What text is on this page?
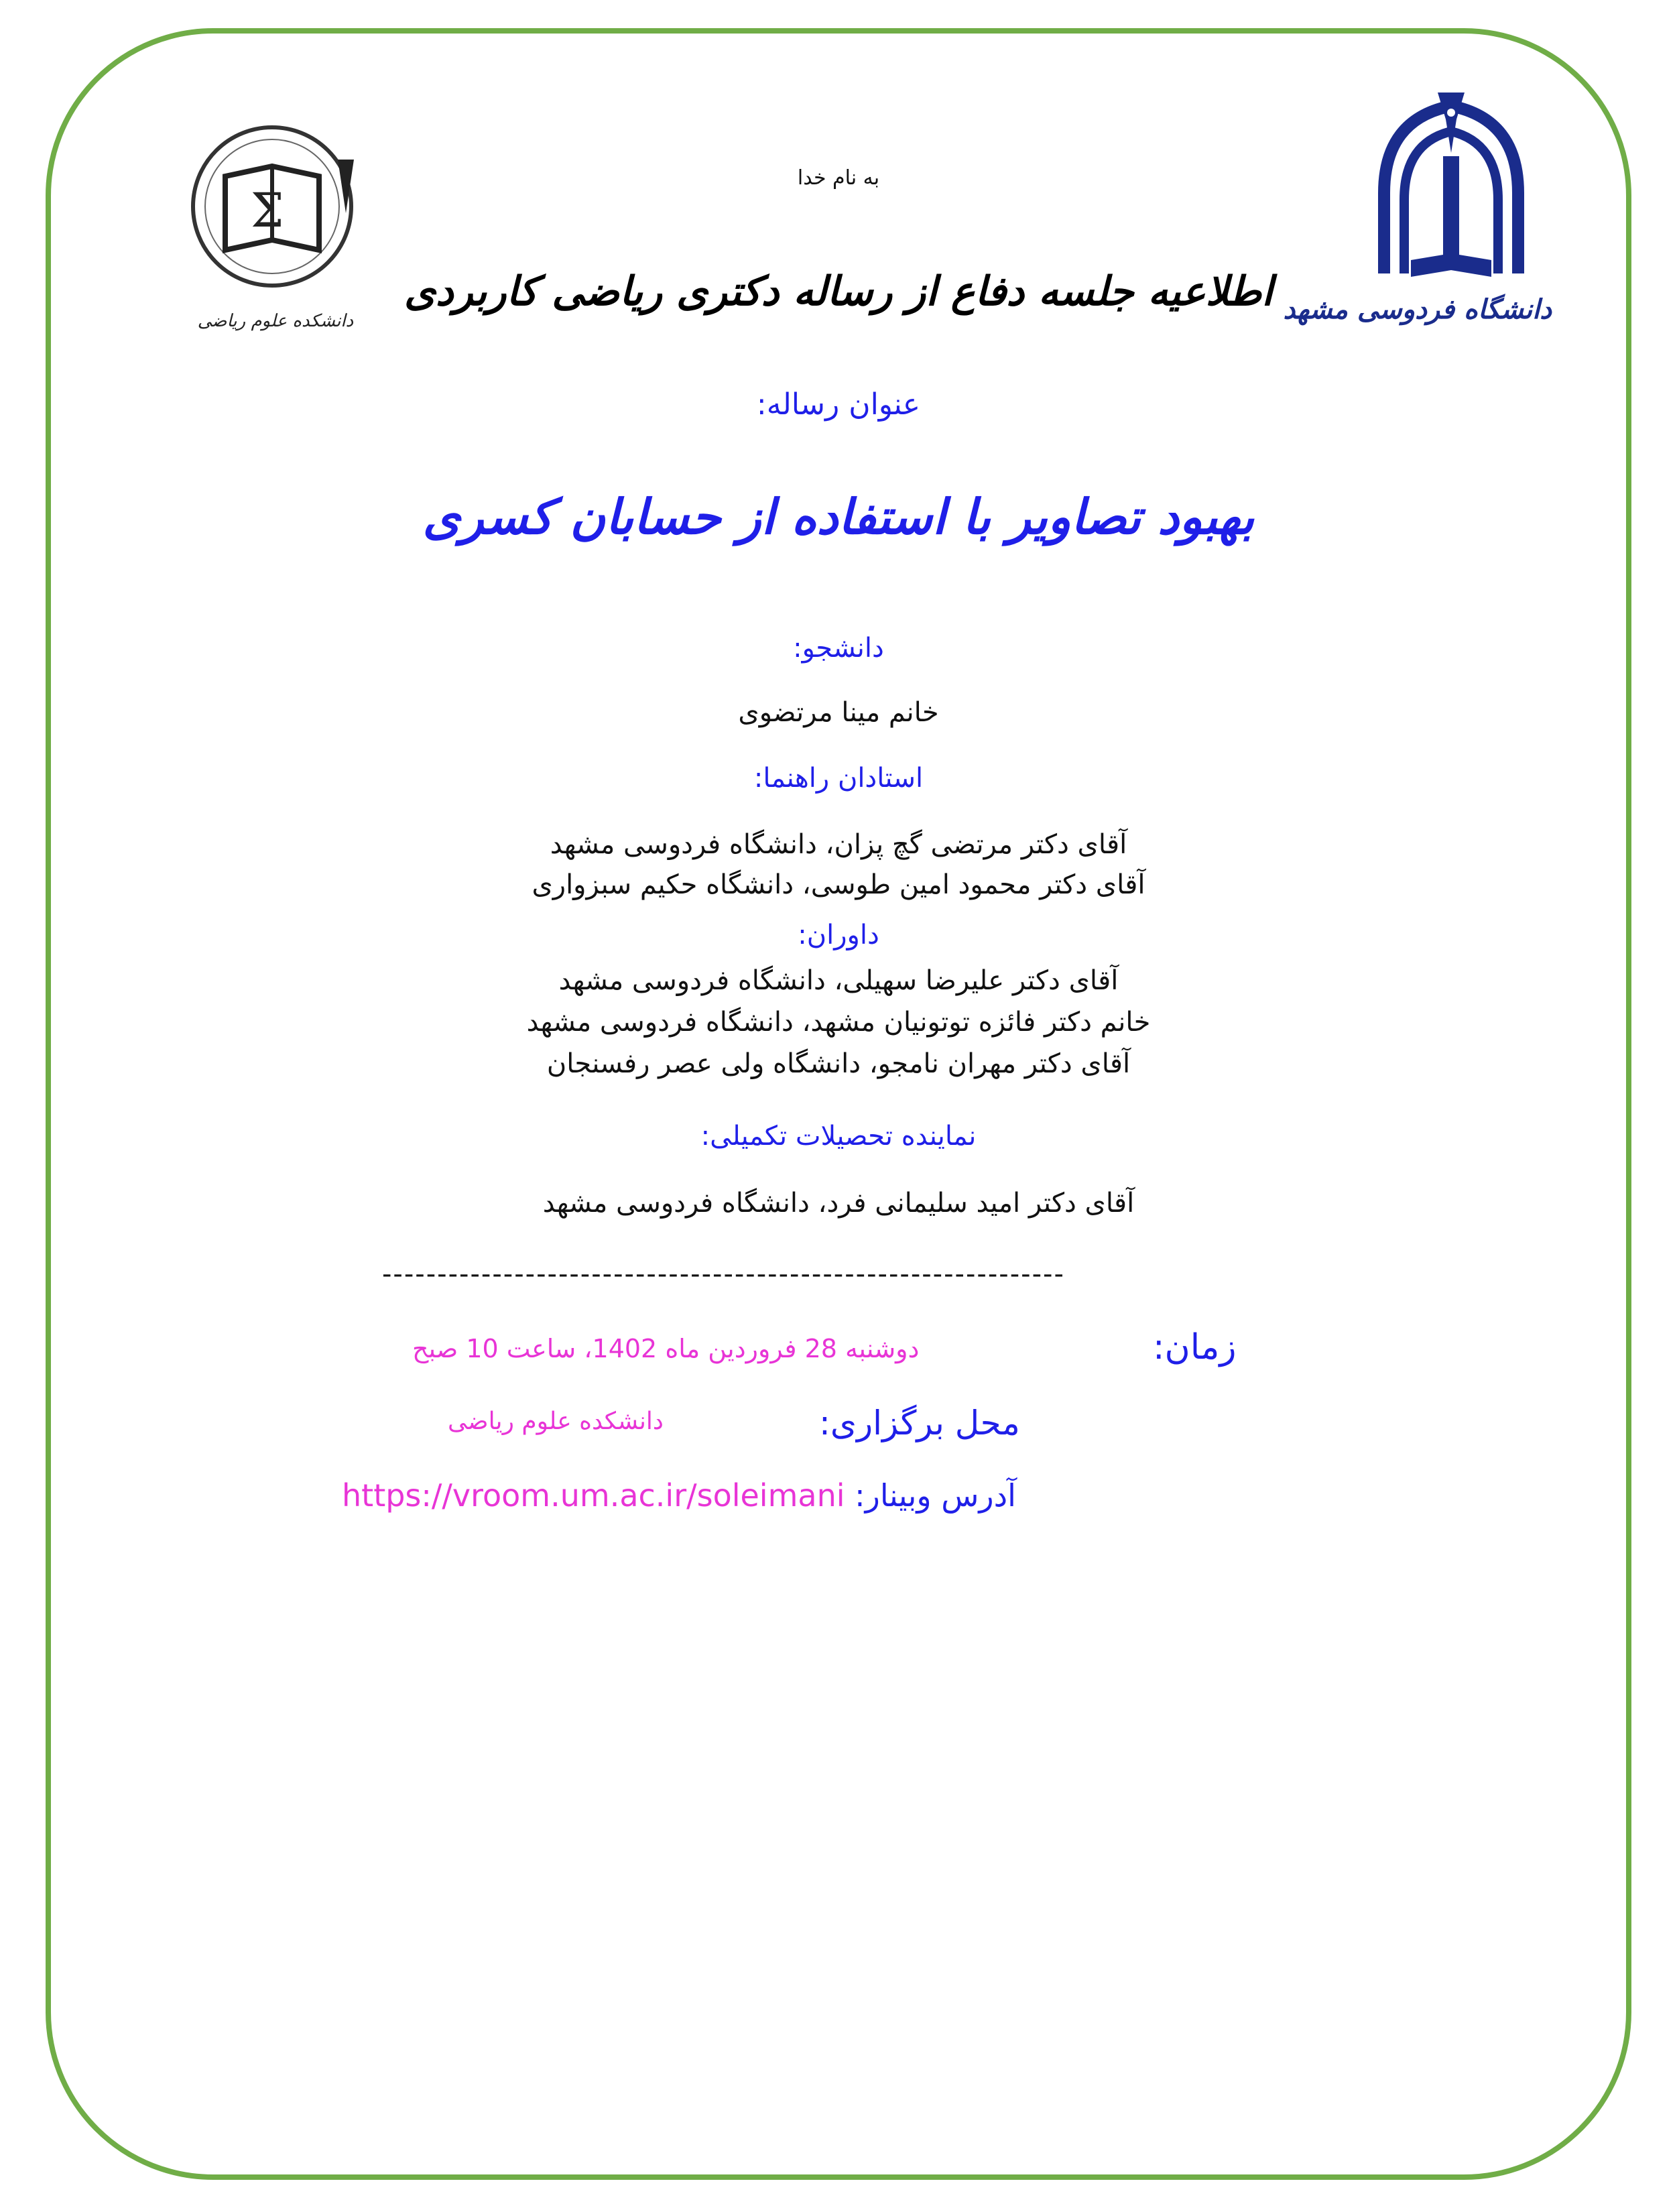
دانشگاه فردوسی مشهد
Σ
دانشکده علوم ریاضی
به نام خدا
اطلاعیه جلسه دفاع از رساله دکتری ریاضی کاربردی
عنوان رساله:
بهبود تصاویر با استفاده از حسابان کسری
دانشجو:
خانم مینا مرتضوی
استادان راهنما:
آقای دکتر مرتضی گچ پزان، دانشگاه فردوسی مشهد
آقای دکتر محمود امین طوسی، دانشگاه حکیم سبزواری
داوران:
آقای دکتر علیرضا سهیلی، دانشگاه فردوسی مشهد
خانم دکتر فائزه توتونیان مشهد، دانشگاه فردوسی مشهد
آقای دکتر مهران نامجو، دانشگاه ولی عصر رفسنجان
نماینده تحصیلات تکمیلی:
آقای دکتر امید سلیمانی فرد، دانشگاه فردوسی مشهد
--------------------------------------------------------------
زمان:
دوشنبه 28 فروردین ماه 1402، ساعت 10 صبح
محل برگزاری:
دانشکده علوم ریاضی
آدرس وبینار: https://vroom.um.ac.ir/soleimani
